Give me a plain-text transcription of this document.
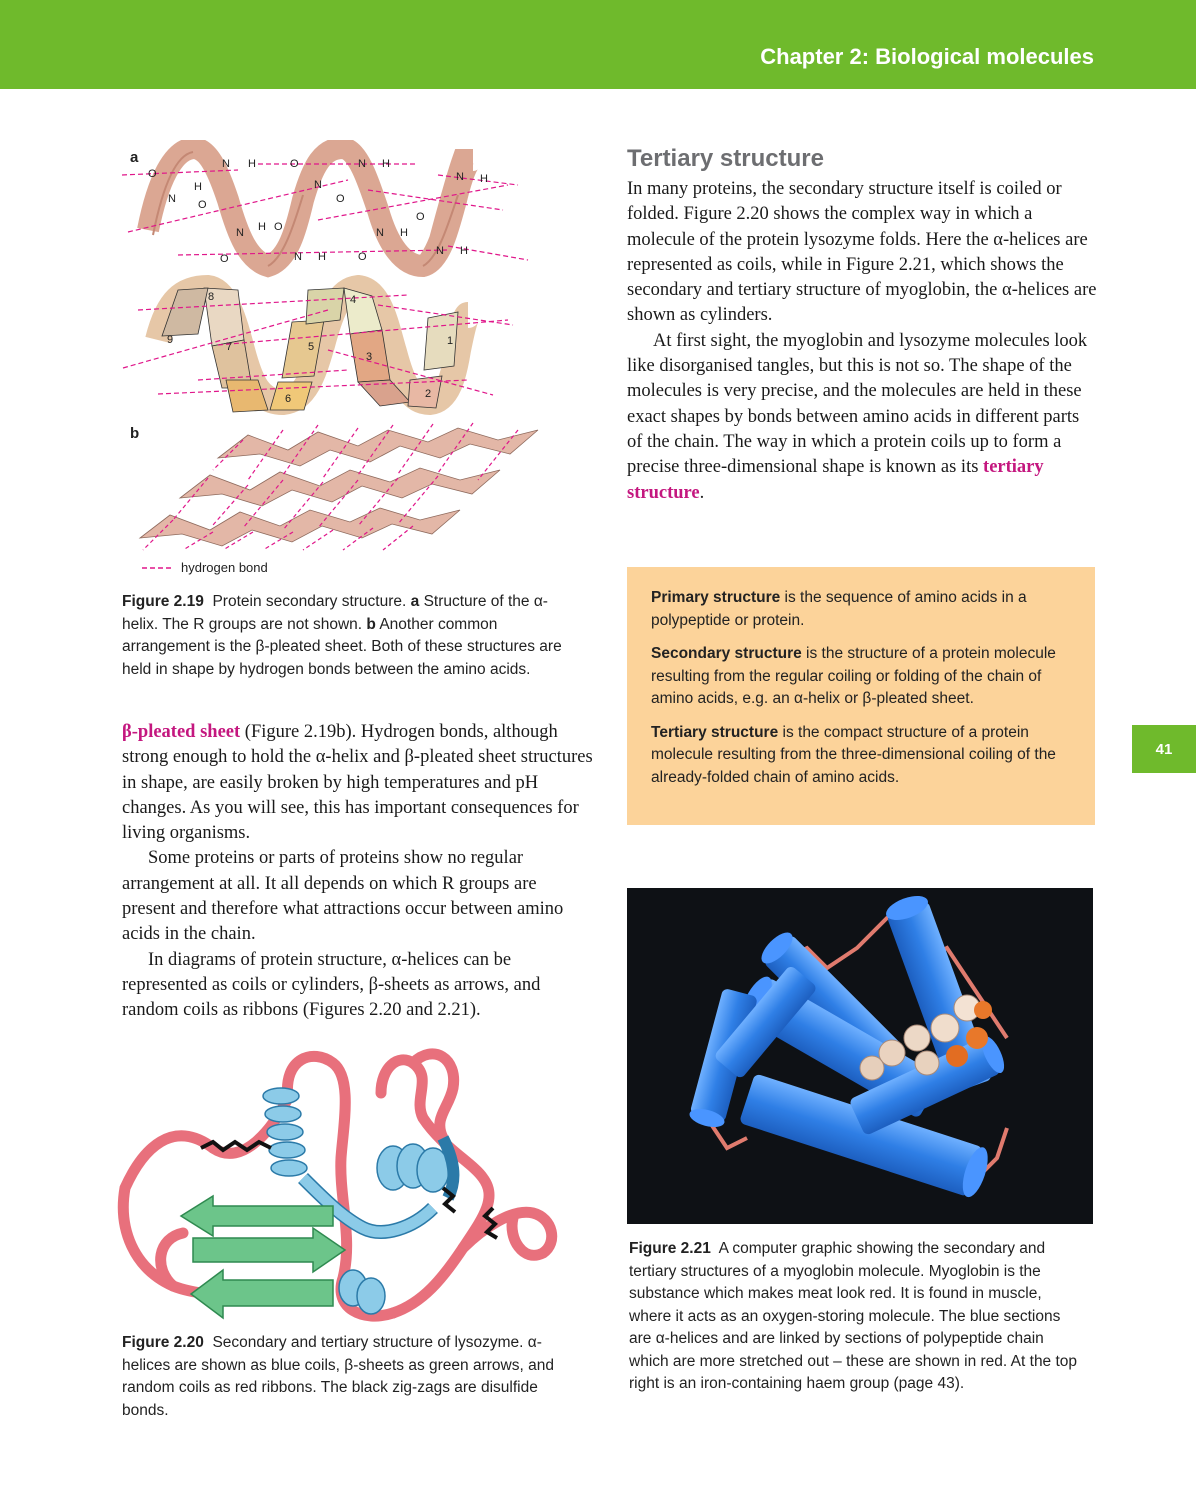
Chapter 2: Biological molecules
41
a
b
O
N
H
O
N H	O
N
O
N H
N H O
O	N H	O
N H
O
N H
N H
1
2
3
4
5
6
7
8
9
hydrogen bond
Figure 2.19 Protein secondary structure. a Structure of the α-helix. The R groups are not shown. b Another common arrangement is the β-pleated sheet. Both of these structures are held in shape by hydrogen bonds between the amino acids.

β-pleated sheet (Figure 2.19b). Hydrogen bonds, although strong enough to hold the α-helix and β-pleated sheet structures in shape, are easily broken by high temperatures and pH changes. As you will see, this has important consequences for living organisms.

Some proteins or parts of proteins show no regular arrangement at all. It all depends on which R groups are present and therefore what attractions occur between amino acids in the chain.

In diagrams of protein structure, α-helices can be represented as coils or cylinders, β-sheets as arrows, and random coils as ribbons (Figures 2.20 and 2.21).

Figure 2.20 Secondary and tertiary structure of lysozyme. α-helices are shown as blue coils, β-sheets as green arrows, and random coils as red ribbons. The black zig-zags are disulfide bonds.
Tertiary structure

In many proteins, the secondary structure itself is coiled or folded. Figure 2.20 shows the complex way in which a molecule of the protein lysozyme folds. Here the α-helices are represented as coils, while in Figure 2.21, which shows the secondary and tertiary structure of myoglobin, the α-helices are shown as cylinders.

At first sight, the myoglobin and lysozyme molecules look like disorganised tangles, but this is not so. The shape of the molecules is very precise, and the molecules are held in these exact shapes by bonds between amino acids in different parts of the chain. The way in which a protein coils up to form a precise three-dimensional shape is known as its tertiary structure.

Primary structure is the sequence of amino acids in a polypeptide or protein.

Secondary structure is the structure of a protein molecule resulting from the regular coiling or folding of the chain of amino acids, e.g. an α-helix or β-pleated sheet.

Tertiary structure is the compact structure of a protein molecule resulting from the three-dimensional coiling of the already-folded chain of amino acids.

Figure 2.21 A computer graphic showing the secondary and tertiary structures of a myoglobin molecule. Myoglobin is the substance which makes meat look red. It is found in muscle, where it acts as an oxygen-storing molecule. The blue sections are α-helices and are linked by sections of polypeptide chain which are more stretched out – these are shown in red. At the top right is an iron-containing haem group (page 43).
